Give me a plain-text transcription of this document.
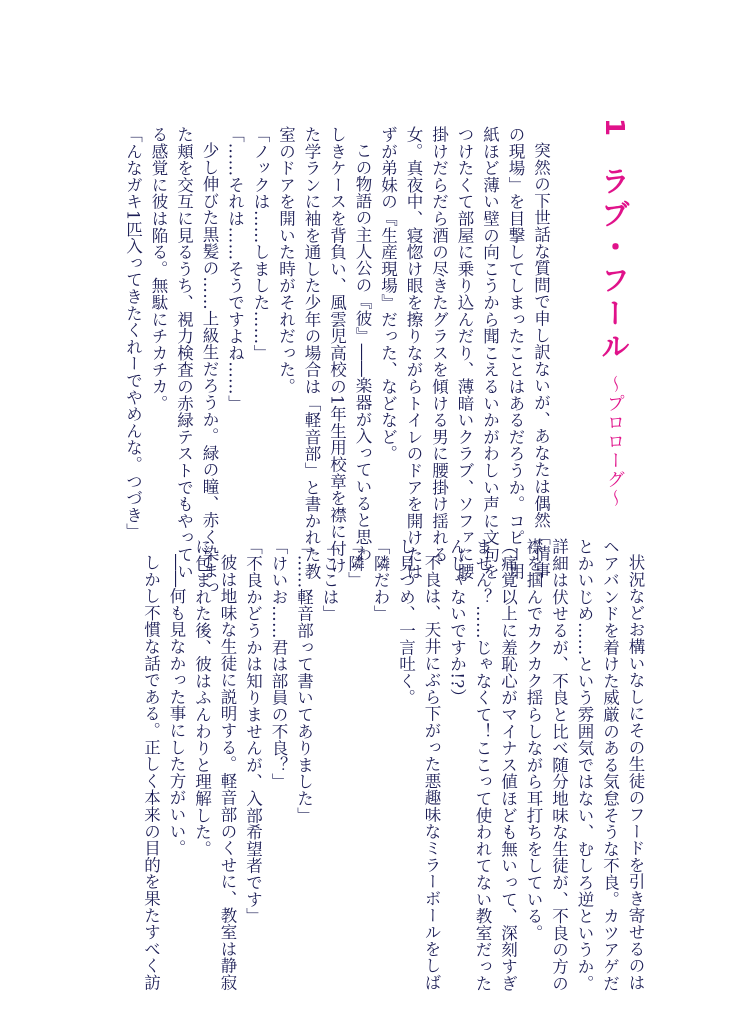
1 ラブ・フール ～プロローグ～
突然の下世話な質問で申し訳ないが、あなたは偶然「情事
の現場」を目撃してしまったことはあるだろうか。コピー用
紙ほど薄い壁の向こうから聞こえるいかがわしい声に文句を
つけたくて部屋に乗り込んだり、薄暗いクラブ、ソファに腰
掛けだらだら酒の尽きたグラスを傾ける男に腰掛け揺れる
女。真夜中、寝惚け眼を擦りながらトイレのドアを開けたは
ずが弟妹の『生産現場』だった、などなど。
この物語の主人公の『彼』――楽器が入っていると思わ
しきケースを背負い、風雲児高校の1年生用校章を襟に付け
た学ランに袖を通した少年の場合は「軽音部」と書かれた教
室のドアを開いた時がそれだった。
「ノックは……しました……」
「……それは……そうですよね……」
少し伸びた黒髪の……上級生だろうか。緑の瞳、赤く染まっ
た頬を交互に見るうち、視力検査の赤緑テストでもやってい
る感覚に彼は陥る。無駄にチカチカ。
「んなガキ1匹入ってきたくれーでやめんな。つづき」
状況などお構いなしにその生徒のフードを引き寄せるのは
ヘアバンドを着けた威厳のある気怠そうな不良。カツアゲだ
とかいじめ……という雰囲気ではない、むしろ逆というか。
詳細は伏せるが、不良と比べ随分地味な生徒が、不良の方の
襟を掴んでカクカク揺らしながら耳打ちをしている。
（痛覚以上に羞恥心がマイナス値ほども無いって、深刻すぎ
ません？……じゃなくて！ここって使われてない教室だった
んじゃないですか!?）
不良は、天井にぶら下がった悪趣味なミラーボールをしば
し見つめ、一言吐く。
「隣だわ」
「隣」
「ここは」
「……軽音部って書いてありました」
「けいお……君は部員の不良？」
「不良かどうかは知りませんが、入部希望者です」
彼は地味な生徒に説明する。軽音部のくせに、教室は静寂
に包まれた後、彼はふんわりと理解した。
――何も見なかった事にした方がいい。
しかし不慣な話である。正しく本来の目的を果たすべく訪
